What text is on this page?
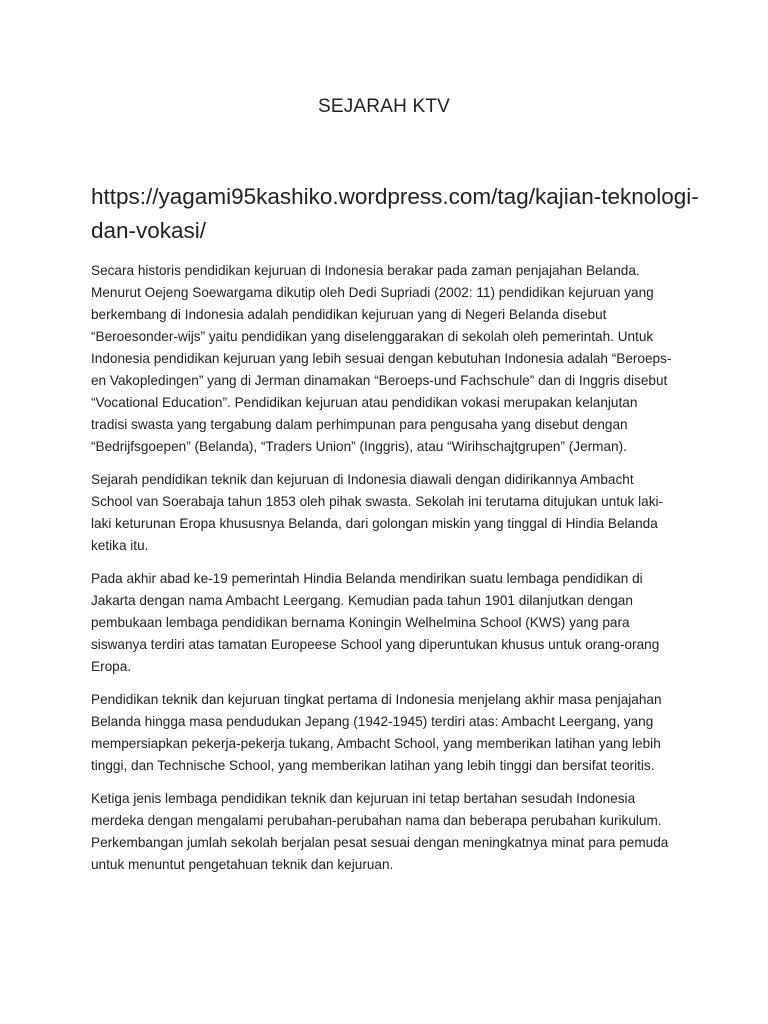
SEJARAH KTV
https://yagami95kashiko.wordpress.com/tag/kajian-teknologi-
dan-vokasi/

Secara historis pendidikan kejuruan di Indonesia berakar pada zaman penjajahan Belanda.
Menurut Oejeng Soewargama dikutip oleh Dedi Supriadi (2002: 11) pendidikan kejuruan yang
berkembang di Indonesia adalah pendidikan kejuruan yang di Negeri Belanda disebut
“Beroesonder-wijs” yaitu pendidikan yang diselenggarakan di sekolah oleh pemerintah. Untuk
Indonesia pendidikan kejuruan yang lebih sesuai dengan kebutuhan Indonesia adalah “Beroeps-
en Vakopledingen” yang di Jerman dinamakan “Beroeps-und Fachschule” dan di Inggris disebut
“Vocational Education”. Pendidikan kejuruan atau pendidikan vokasi merupakan kelanjutan
tradisi swasta yang tergabung dalam perhimpunan para pengusaha yang disebut dengan
“Bedrijfsgoepen” (Belanda), “Traders Union” (Inggris), atau “Wirihschajtgrupen” (Jerman).

Sejarah pendidikan teknik dan kejuruan di Indonesia diawali dengan didirikannya Ambacht
School van Soerabaja tahun 1853 oleh pihak swasta. Sekolah ini terutama ditujukan untuk laki-
laki keturunan Eropa khususnya Belanda, dari golongan miskin yang tinggal di Hindia Belanda
ketika itu.

Pada akhir abad ke-19 pemerintah Hindia Belanda mendirikan suatu lembaga pendidikan di
Jakarta dengan nama Ambacht Leergang. Kemudian pada tahun 1901 dilanjutkan dengan
pembukaan lembaga pendidikan bernama Koningin Welhelmina School (KWS) yang para
siswanya terdiri atas tamatan Europeese School yang diperuntukan khusus untuk orang-orang
Eropa.

Pendidikan teknik dan kejuruan tingkat pertama di Indonesia menjelang akhir masa penjajahan
Belanda hingga masa pendudukan Jepang (1942-1945) terdiri atas: Ambacht Leergang, yang
mempersiapkan pekerja-pekerja tukang, Ambacht School, yang memberikan latihan yang lebih
tinggi, dan Technische School, yang memberikan latihan yang lebih tinggi dan bersifat teoritis.

Ketiga jenis lembaga pendidikan teknik dan kejuruan ini tetap bertahan sesudah Indonesia
merdeka dengan mengalami perubahan-perubahan nama dan beberapa perubahan kurikulum.
Perkembangan jumlah sekolah berjalan pesat sesuai dengan meningkatnya minat para pemuda
untuk menuntut pengetahuan teknik dan kejuruan.
